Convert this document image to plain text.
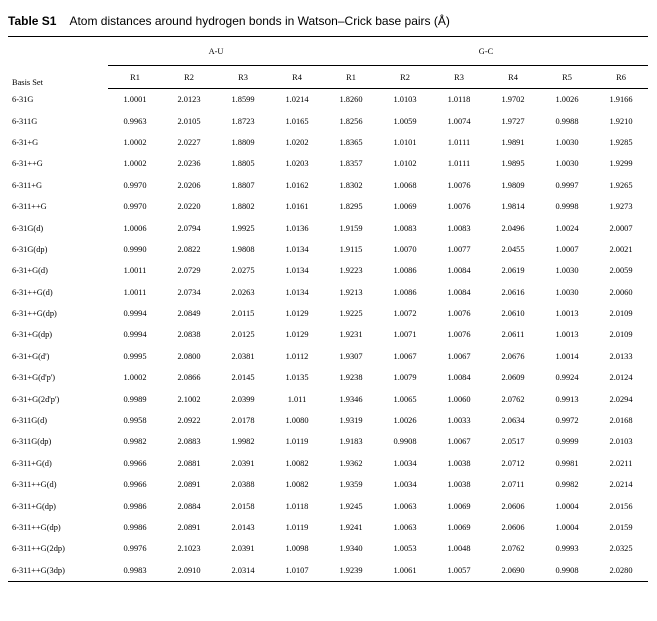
Table S1 Atom distances around hydrogen bonds in Watson–Crick base pairs (Å)
Basis Set	A-U				G-C					
	R1	R2	R3	R4	R1	R2	R3	R4	R5	R6
6-31G	1.0001	2.0123	1.8599	1.0214	1.8260	1.0103	1.0118	1.9702	1.0026	1.9166
6-311G	0.9963	2.0105	1.8723	1.0165	1.8256	1.0059	1.0074	1.9727	0.9988	1.9210
6-31+G	1.0002	2.0227	1.8809	1.0202	1.8365	1.0101	1.0111	1.9891	1.0030	1.9285
6-31++G	1.0002	2.0236	1.8805	1.0203	1.8357	1.0102	1.0111	1.9895	1.0030	1.9299
6-311+G	0.9970	2.0206	1.8807	1.0162	1.8302	1.0068	1.0076	1.9809	0.9997	1.9265
6-311++G	0.9970	2.0220	1.8802	1.0161	1.8295	1.0069	1.0076	1.9814	0.9998	1.9273
6-31G(d)	1.0006	2.0794	1.9925	1.0136	1.9159	1.0083	1.0083	2.0496	1.0024	2.0007
6-31G(dp)	0.9990	2.0822	1.9808	1.0134	1.9115	1.0070	1.0077	2.0455	1.0007	2.0021
6-31+G(d)	1.0011	2.0729	2.0275	1.0134	1.9223	1.0086	1.0084	2.0619	1.0030	2.0059
6-31++G(d)	1.0011	2.0734	2.0263	1.0134	1.9213	1.0086	1.0084	2.0616	1.0030	2.0060
6-31++G(dp)	0.9994	2.0849	2.0115	1.0129	1.9225	1.0072	1.0076	2.0610	1.0013	2.0109
6-31+G(dp)	0.9994	2.0838	2.0125	1.0129	1.9231	1.0071	1.0076	2.0611	1.0013	2.0109
6-31+G(d')	0.9995	2.0800	2.0381	1.0112	1.9307	1.0067	1.0067	2.0676	1.0014	2.0133
6-31+G(d'p')	1.0002	2.0866	2.0145	1.0135	1.9238	1.0079	1.0084	2.0609	0.9924	2.0124
6-31+G(2d'p')	0.9989	2.1002	2.0399	1.011	1.9346	1.0065	1.0060	2.0762	0.9913	2.0294
6-311G(d)	0.9958	2.0922	2.0178	1.0080	1.9319	1.0026	1.0033	2.0634	0.9972	2.0168
6-311G(dp)	0.9982	2.0883	1.9982	1.0119	1.9183	0.9908	1.0067	2.0517	0.9999	2.0103
6-311+G(d)	0.9966	2.0881	2.0391	1.0082	1.9362	1.0034	1.0038	2.0712	0.9981	2.0211
6-311++G(d)	0.9966	2.0891	2.0388	1.0082	1.9359	1.0034	1.0038	2.0711	0.9982	2.0214
6-311+G(dp)	0.9986	2.0884	2.0158	1.0118	1.9245	1.0063	1.0069	2.0606	1.0004	2.0156
6-311++G(dp)	0.9986	2.0891	2.0143	1.0119	1.9241	1.0063	1.0069	2.0606	1.0004	2.0159
6-311++G(2dp)	0.9976	2.1023	2.0391	1.0098	1.9340	1.0053	1.0048	2.0762	0.9993	2.0325
6-311++G(3dp)	0.9983	2.0910	2.0314	1.0107	1.9239	1.0061	1.0057	2.0690	0.9908	2.0280
